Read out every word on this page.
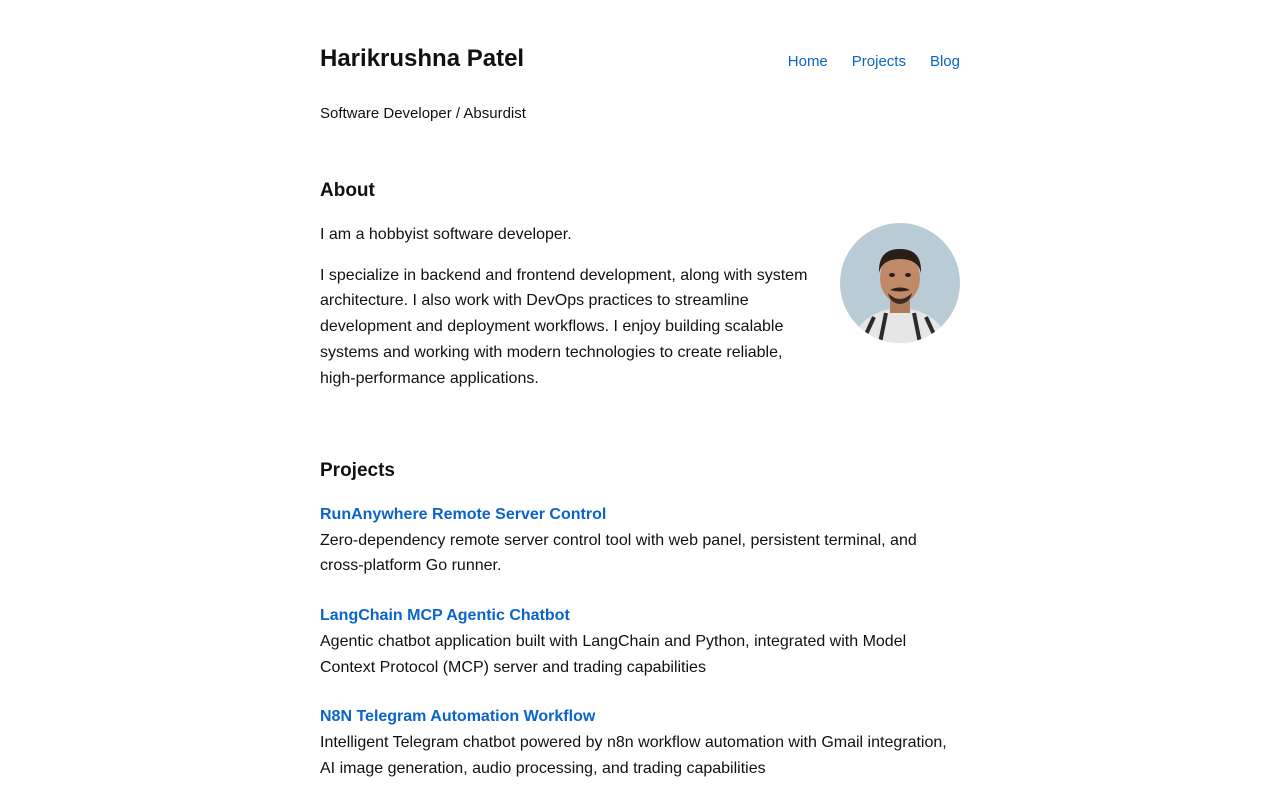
Harikrushna Patel	Home Projects Blog
Software Developer / Absurdist
About

I am a hobbyist software developer.

I specialize in backend and frontend development, along with system architecture. I also work with DevOps practices to streamline development and deployment workflows. I enjoy building scalable systems and working with modern technologies to create reliable, high-performance applications.

Projects
RunAnywhere Remote Server Control

Zero-dependency remote server control tool with web panel, persistent terminal, and cross-platform Go runner.

LangChain MCP Agentic Chatbot

Agentic chatbot application built with LangChain and Python, integrated with Model Context Protocol (MCP) server and trading capabilities

N8N Telegram Automation Workflow

Intelligent Telegram chatbot powered by n8n workflow automation with Gmail integration, AI image generation, audio processing, and trading capabilities
